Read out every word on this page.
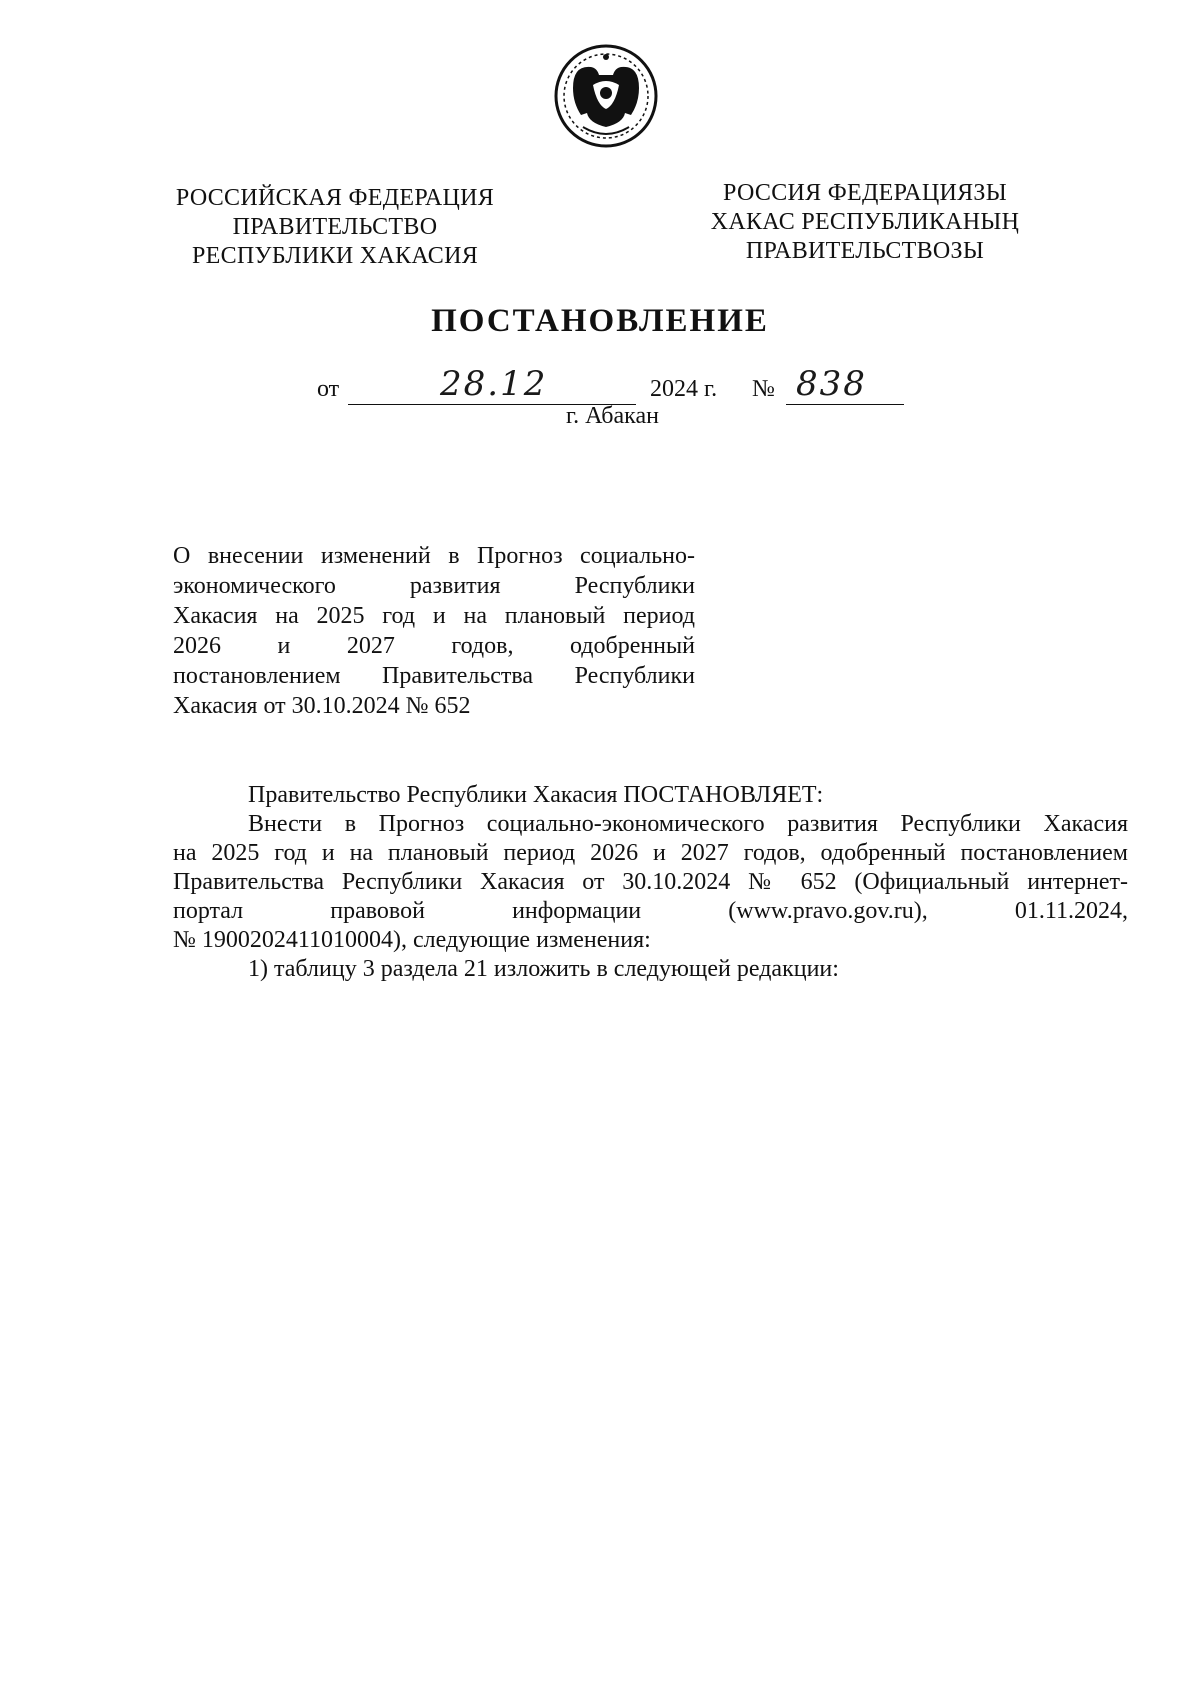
РОССИЙСКАЯ ФЕДЕРАЦИЯ
ПРАВИТЕЛЬСТВО
РЕСПУБЛИКИ ХАКАСИЯ
РОССИЯ ФЕДЕРАЦИЯЗЫ
ХАКАС РЕСПУБЛИКАНЫҢ
ПРАВИТЕЛЬСТВОЗЫ
ПОСТАНОВЛЕНИЕ
от	28.12	2024 г. № 838
г. Абакан
О внесении изменений в Прогноз социально-
экономического развития Республики
Хакасия на 2025 год и на плановый период
2026 и 2027 годов, одобренный
постановлением Правительства Республики
Хакасия от 30.10.2024 № 652
Правительство Республики Хакасия ПОСТАНОВЛЯЕТ:
Внести в Прогноз социально-экономического развития Республики Хакасия
на 2025 год и на плановый период 2026 и 2027 годов, одобренный постановлением
Правительства Республики Хакасия от 30.10.2024 № 652 (Официальный интернет-
портал правовой информации (www.pravo.gov.ru), 01.11.2024,
№ 1900202411010004), следующие изменения:
1) таблицу 3 раздела 21 изложить в следующей редакции:
